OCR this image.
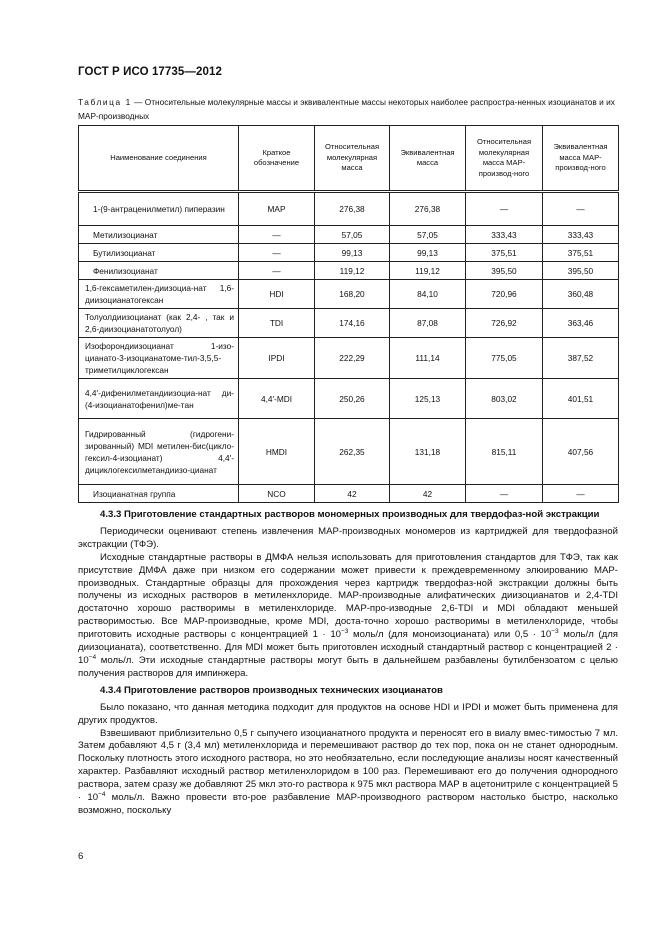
ГОСТ Р ИСО 17735—2012
Таблица 1 — Относительные молекулярные массы и эквивалентные массы некоторых наиболее распростра-ненных изоцианатов и их МАР-производных
Наименование соединения	Краткое обозначение	Относительная молекулярная масса	Эквивалентная масса	Относительная молекулярная масса МАР-производ-ного	Эквивалентная масса МАР-производ-ного
1-(9-антраценилметил) пиперазин	МАР	276,38	276,38	—	—
Метилизоцианат	—	57,05	57,05	333,43	333,43
Бутилизоцианат	—	99,13	99,13	375,51	375,51
Фенилизоцианат	—	119,12	119,12	395,50	395,50
1,6-гексаметилен-диизоциа-нат 1,6-диизоцианатогексан	HDI	168,20	84,10	720,96	360,48
Толуолдиизоцианат (как 2,4- , так и 2,6-диизоцианатотолуол)	TDI	174,16	87,08	726,92	363,46
Изофорондиизоцианат 1-изо-цианато-3-изоцианатоме-тил-3,5,5-триметилциклогексан	IPDI	222,29	111,14	775,05	387,52
4,4′-дифенилметандиизоциа-нат ди-(4-изоцианатофенил)ме-тан	4,4′-MDI	250,26	125,13	803,02	401,51
Гидрированный (гидрогени-зированный) MDI метилен-бис(цикло-гексил-4-изоцианат) 4,4′-дициклогексилметандиизо-цианат	HMDI	262,35	131,18	815,11	407,56
Изоцианатная группа	NCO	42	42	—	—
4.3.3 Приготовление стандартных растворов мономерных производных для твердофаз-ной экстракции

Периодически оценивают степень извлечения МАР-производных мономеров из картриджей для твердофазной экстракции (ТФЭ).

Исходные стандартные растворы в ДМФА нельзя использовать для приготовления стандартов для ТФЭ, так как присутствие ДМФА даже при низком его содержании может привести к преждевременному элюированию МАР-производных. Стандартные образцы для прохождения через картридж твердофаз-ной экстракции должны быть получены из исходных растворов в метиленхлориде. МАР-производные алифатических диизоцианатов и 2,4-TDI достаточно хорошо растворимы в метиленхлориде. МАР-про-изводные 2,6-TDI и MDI обладают меньшей растворимостью. Все МАР-производные, кроме MDI, доста-точно хорошо растворимы в метиленхлориде, чтобы приготовить исходные растворы с концентрацией $1 \cdot 10^{-3}$ моль/л (для моноизоцианата) или $0,5 \cdot 10^{-3}$ моль/л (для диизоцианата), соответственно. Для MDI может быть приготовлен исходный стандартный раствор с концентрацией $2 \cdot 10^{-4}$ моль/л. Эти исходные стандартные растворы могут быть в дальнейшем разбавлены бутилбензоатом с целью получения растворов для импинжера.

4.3.4 Приготовление растворов производных технических изоцианатов

Было показано, что данная методика подходит для продуктов на основе HDI и IPDI и может быть применена для других продуктов.

Взвешивают приблизительно 0,5 г сыпучего изоцианатного продукта и переносят его в виалу вмес-тимостью 7 мл. Затем добавляют 4,5 г (3,4 мл) метиленхлорида и перемешивают раствор до тех пор, пока он не станет однородным. Поскольку плотность этого исходного раствора, но это необязательно, если последующие анализы носят качественный характер. Разбавляют исходный раствор метиленхлоридом в 100 раз. Перемешивают его до получения однородного раствора, затем сразу же добавляют 25 мкл это-го раствора к 975 мкл раствора МАР в ацетонитриле с концентрацией $5 \cdot 10^{-4}$ моль/л. Важно провести вто-рое разбавление МАР-производного раствором настолько быстро, насколько возможно, поскольку

6
